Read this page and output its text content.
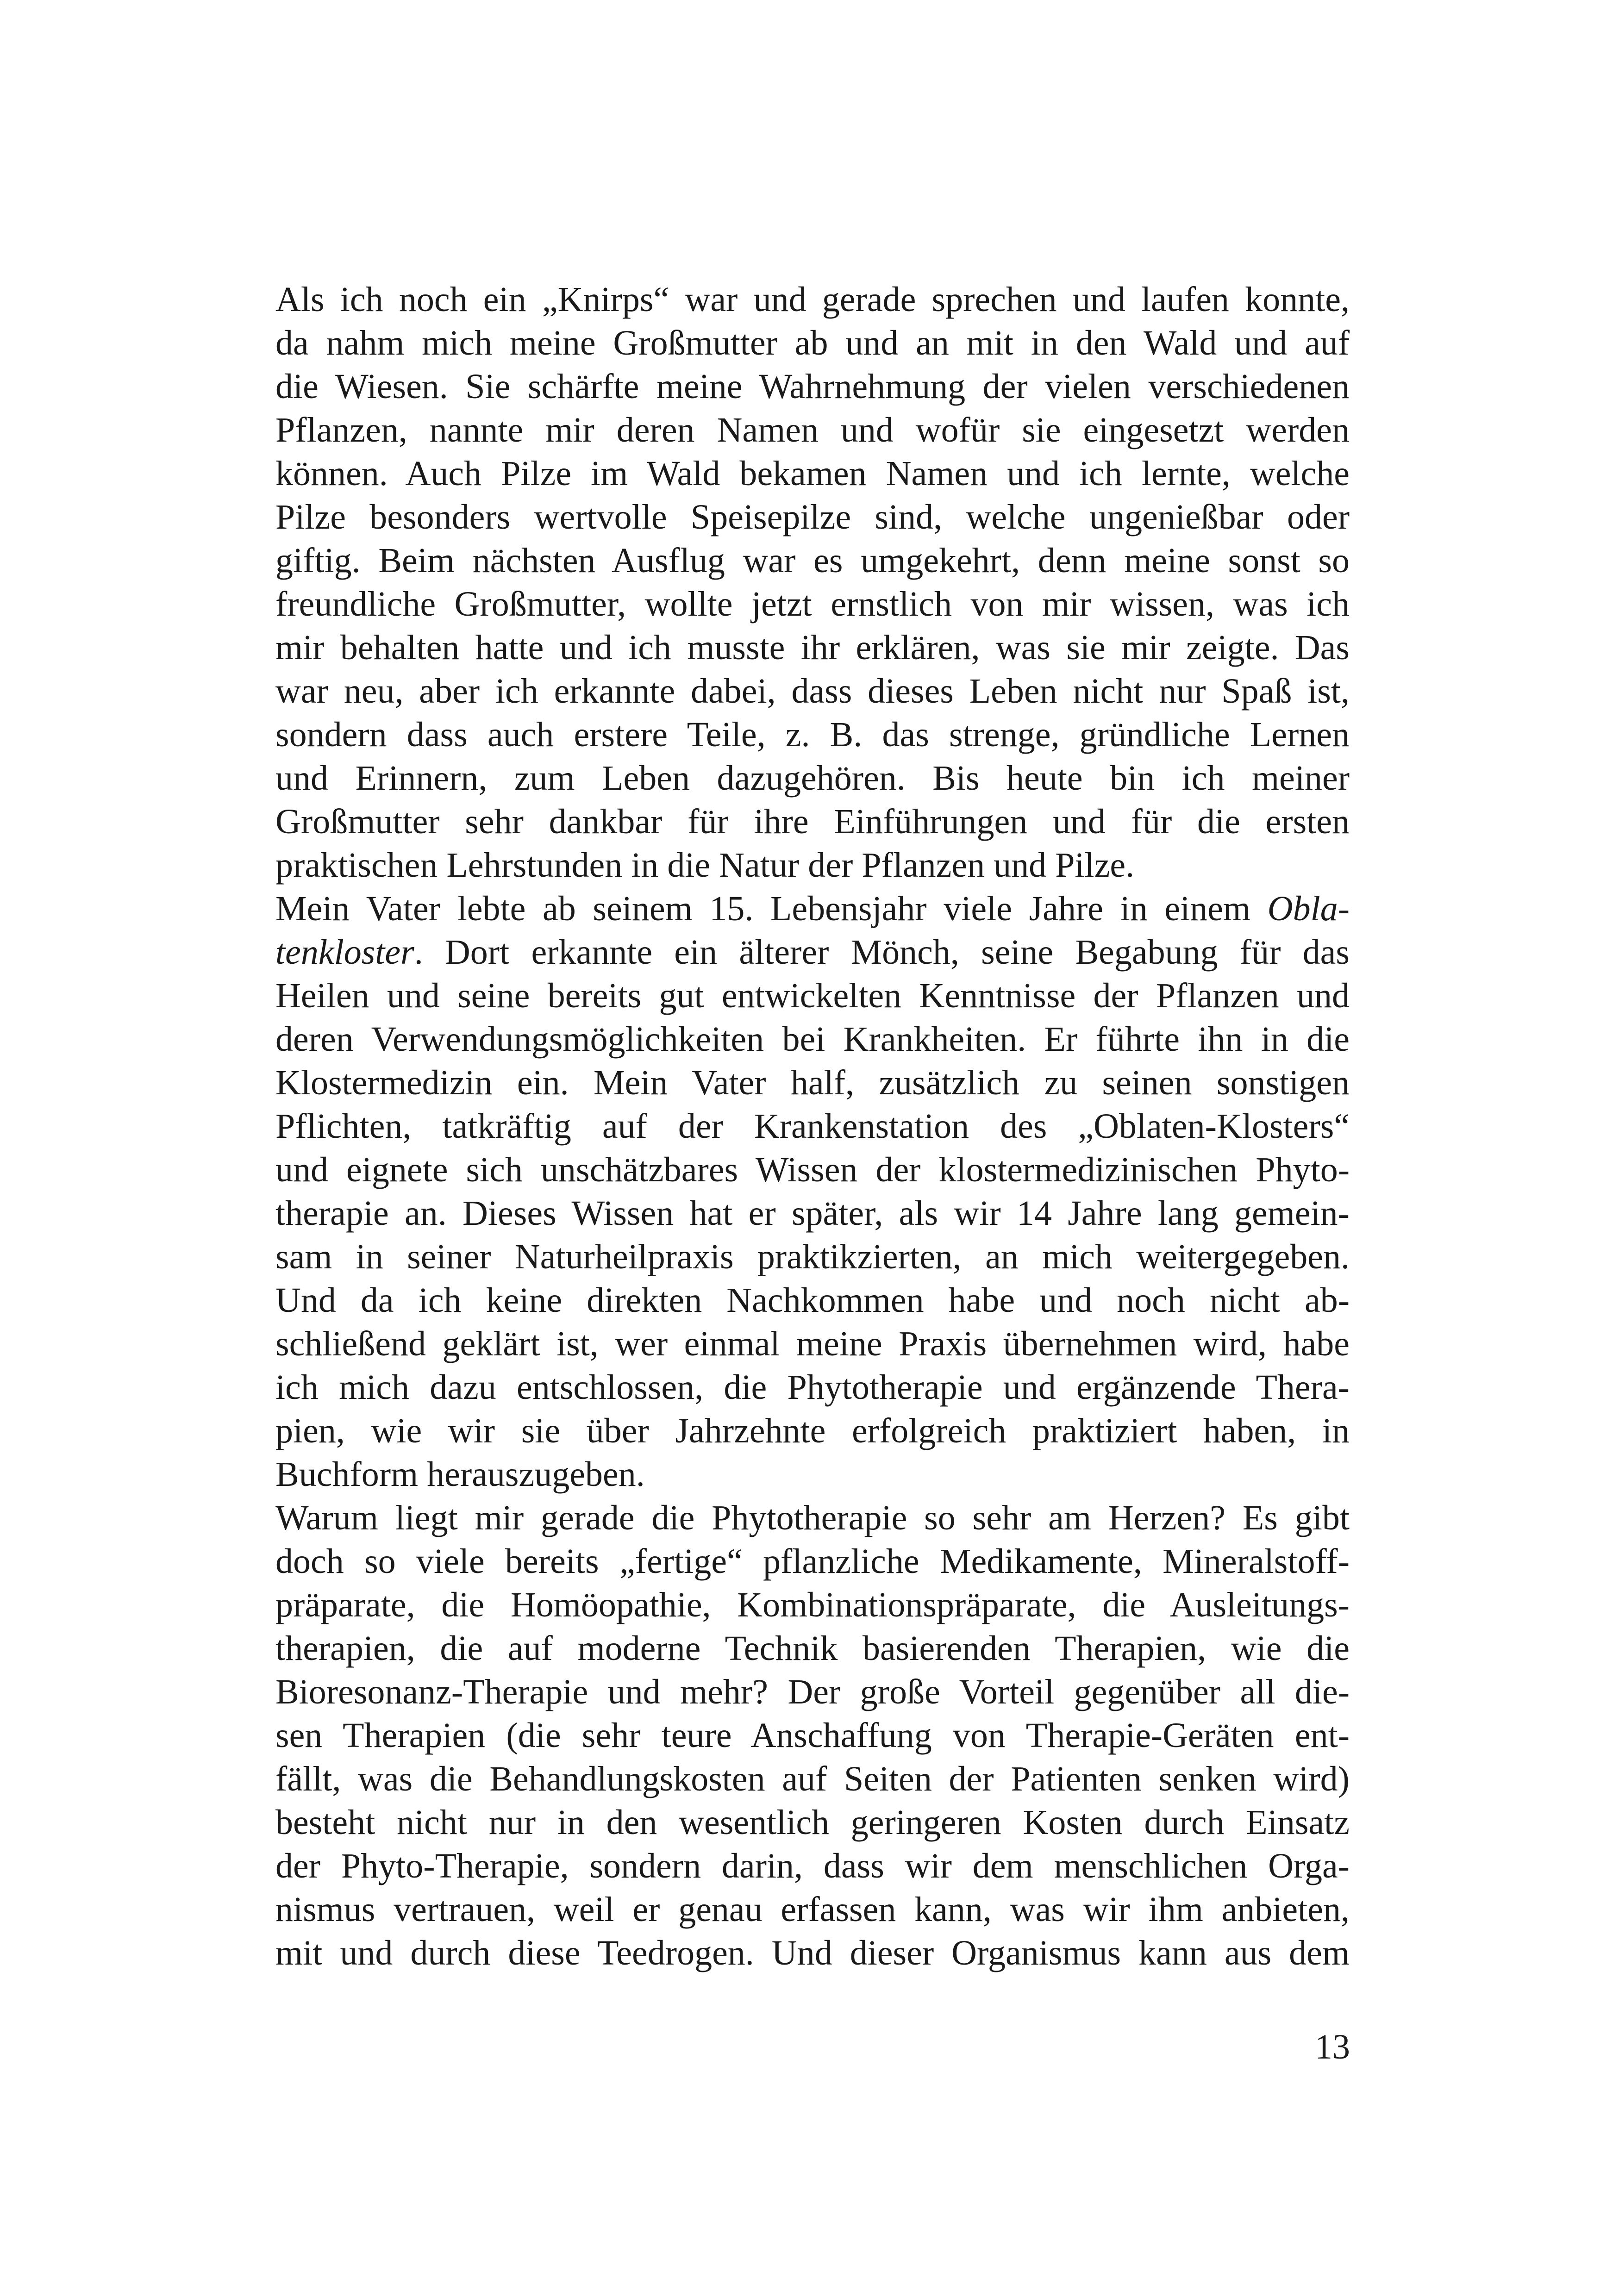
Als ich noch ein „Knirps“ war und gerade sprechen und laufen konnte,
da nahm mich meine Großmutter ab und an mit in den Wald und auf
die Wiesen. Sie schärfte meine Wahrnehmung der vielen verschiedenen
Pflanzen, nannte mir deren Namen und wofür sie eingesetzt werden
können. Auch Pilze im Wald bekamen Namen und ich lernte, welche
Pilze besonders wertvolle Speisepilze sind, welche ungenießbar oder
giftig. Beim nächsten Ausflug war es umgekehrt, denn meine sonst so
freundliche Großmutter, wollte jetzt ernstlich von mir wissen, was ich
mir behalten hatte und ich musste ihr erklären, was sie mir zeigte. Das
war neu, aber ich erkannte dabei, dass dieses Leben nicht nur Spaß ist,
sondern dass auch erstere Teile, z. B. das strenge, gründliche Lernen
und Erinnern, zum Leben dazugehören. Bis heute bin ich meiner
Großmutter sehr dankbar für ihre Einführungen und für die ersten
praktischen Lehrstunden in die Natur der Pflanzen und Pilze.
Mein Vater lebte ab seinem 15. Lebensjahr viele Jahre in einem Obla-
tenkloster. Dort erkannte ein älterer Mönch, seine Begabung für das
Heilen und seine bereits gut entwickelten Kenntnisse der Pflanzen und
deren Verwendungsmöglichkeiten bei Krankheiten. Er führte ihn in die
Klostermedizin ein. Mein Vater half, zusätzlich zu seinen sonstigen
Pflichten, tatkräftig auf der Krankenstation des „Oblaten-Klosters“
und eignete sich unschätzbares Wissen der klostermedizinischen Phyto-
therapie an. Dieses Wissen hat er später, als wir 14 Jahre lang gemein-
sam in seiner Naturheilpraxis praktikzierten, an mich weitergegeben.
Und da ich keine direkten Nachkommen habe und noch nicht ab-
schließend geklärt ist, wer einmal meine Praxis übernehmen wird, habe
ich mich dazu entschlossen, die Phytotherapie und ergänzende Thera-
pien, wie wir sie über Jahrzehnte erfolgreich praktiziert haben, in
Buchform herauszugeben.
Warum liegt mir gerade die Phytotherapie so sehr am Herzen? Es gibt
doch so viele bereits „fertige“ pflanzliche Medikamente, Mineralstoff-
präparate, die Homöopathie, Kombinationspräparate, die Ausleitungs-
therapien, die auf moderne Technik basierenden Therapien, wie die
Bioresonanz-Therapie und mehr? Der große Vorteil gegenüber all die-
sen Therapien (die sehr teure Anschaffung von Therapie-Geräten ent-
fällt, was die Behandlungskosten auf Seiten der Patienten senken wird)
besteht nicht nur in den wesentlich geringeren Kosten durch Einsatz
der Phyto-Therapie, sondern darin, dass wir dem menschlichen Orga-
nismus vertrauen, weil er genau erfassen kann, was wir ihm anbieten,
mit und durch diese Teedrogen. Und dieser Organismus kann aus dem
13
